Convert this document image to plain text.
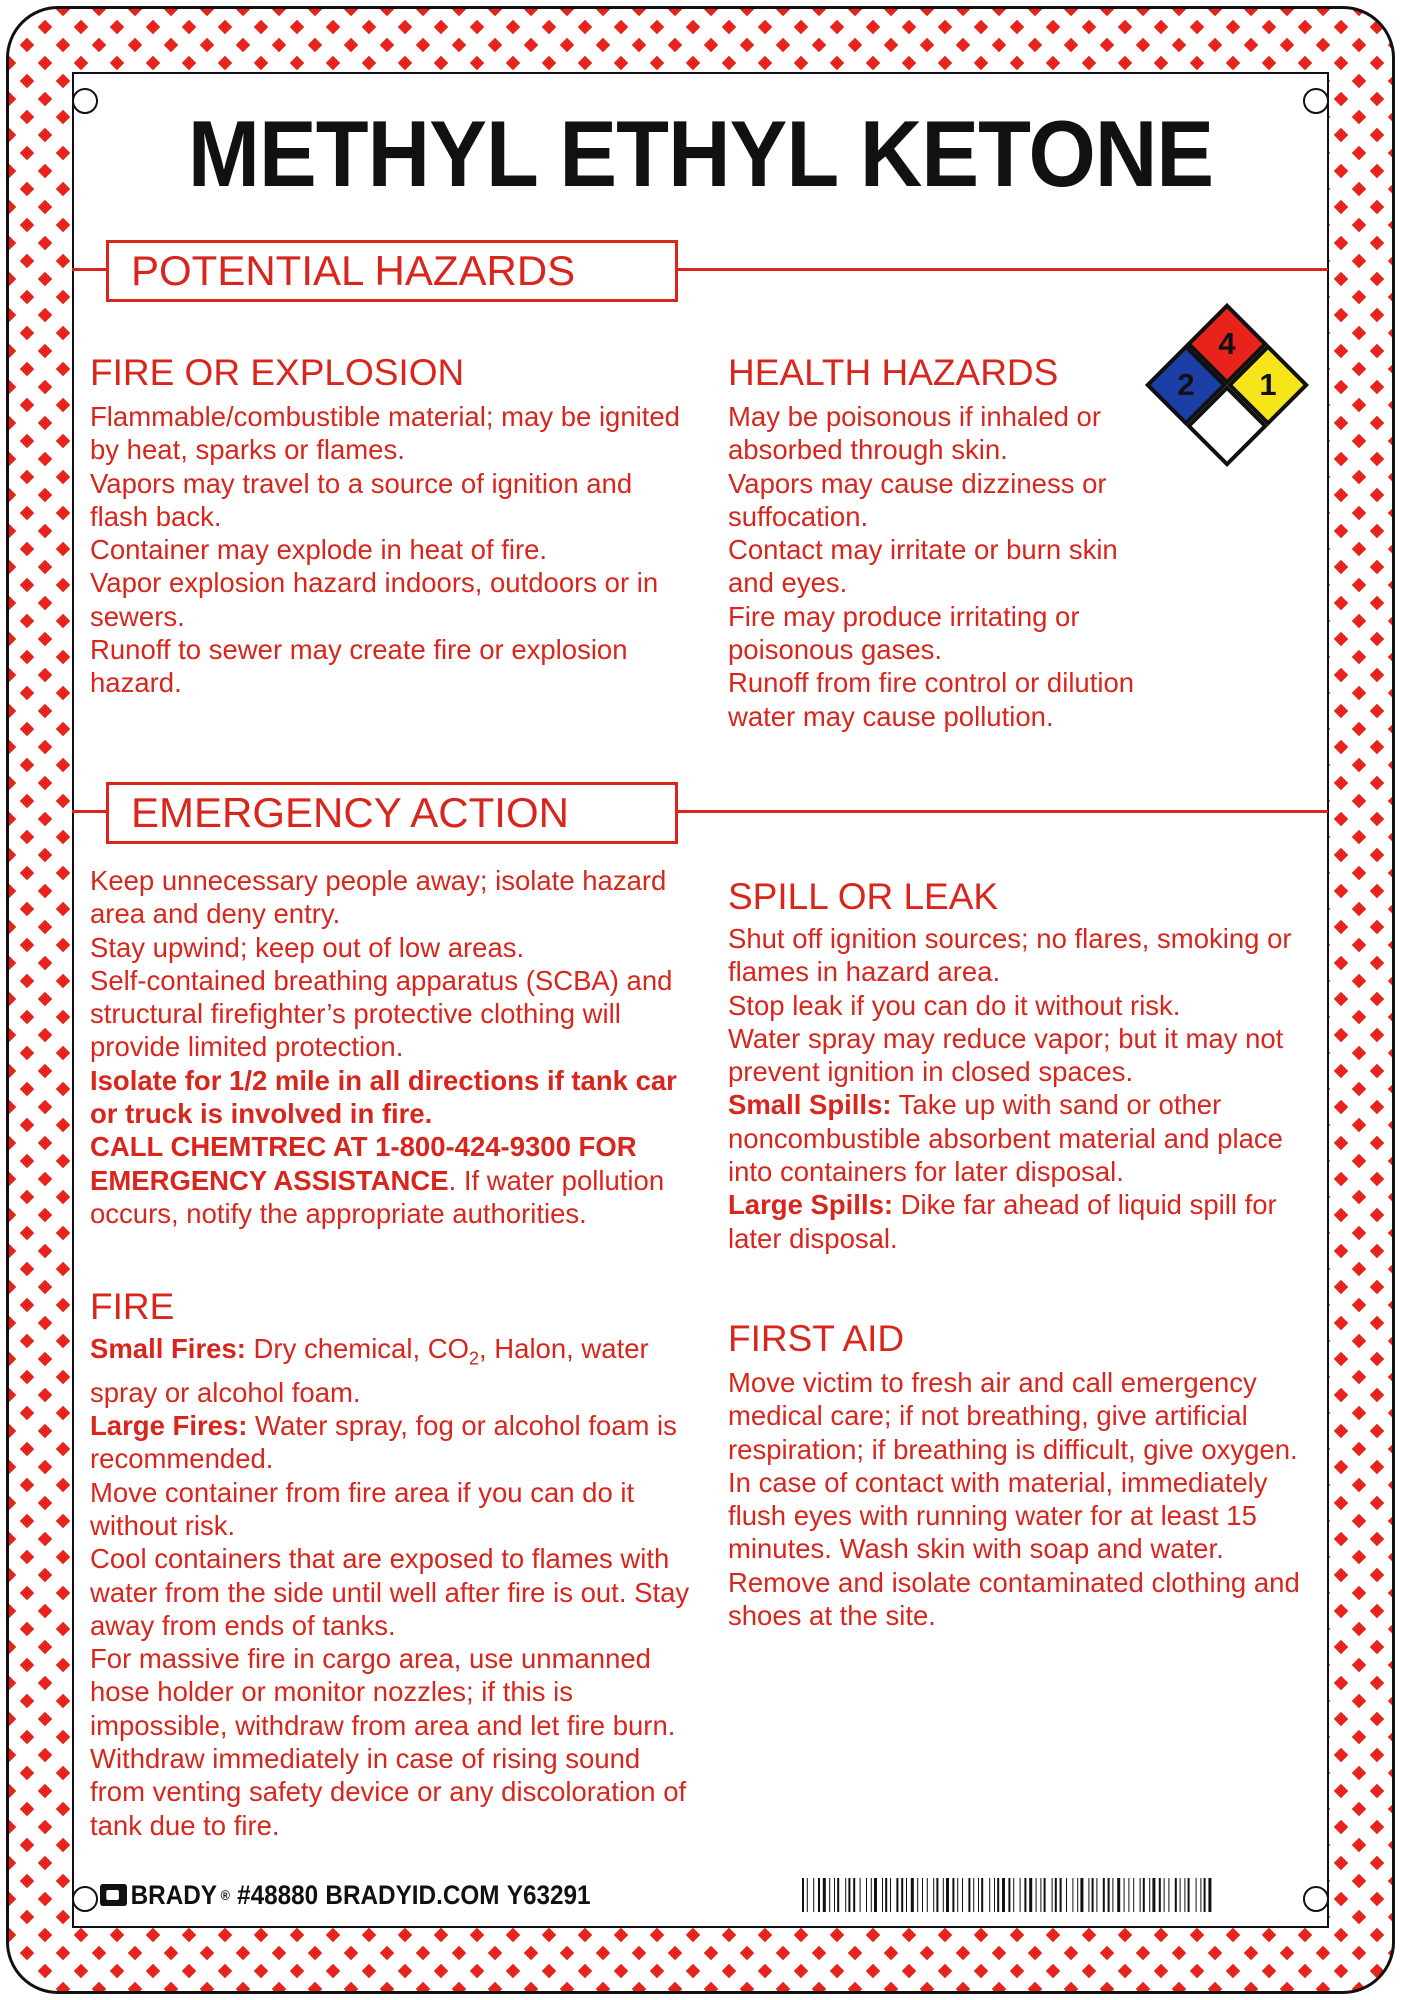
METHYL ETHYL KETONE
POTENTIAL HAZARDS
FIRE OR EXPLOSION

Flammable/combustible material; may be ignited by heat, sparks or flames.

Vapors may travel to a source of ignition and flash back.

Container may explode in heat of fire.

Vapor explosion hazard indoors, outdoors or in sewers.

Runoff to sewer may create fire or explosion hazard.

HEALTH HAZARDS

May be poisonous if inhaled or absorbed through skin.

Vapors may cause dizziness or suffocation.

Contact may irritate or burn skin and eyes.

Fire may produce irritating or poisonous gases.

Runoff from fire control or dilution water may cause pollution.

4
2	1
EMERGENCY ACTION

Keep unnecessary people away; isolate hazard area and deny entry.

Stay upwind; keep out of low areas.

Self-contained breathing apparatus (SCBA) and structural firefighter’s protective clothing will provide limited protection.

Isolate for 1/2 mile in all directions if tank car or truck is involved in fire.

CALL CHEMTREC AT 1-800-424-9300 FOR EMERGENCY ASSISTANCE. If water pollution occurs, notify the appropriate authorities.

SPILL OR LEAK

Shut off ignition sources; no flares, smoking or flames in hazard area.

Stop leak if you can do it without risk.

Water spray may reduce vapor; but it may not prevent ignition in closed spaces.

Small Spills: Take up with sand or other noncombustible absorbent material and place into containers for later disposal.

Large Spills: Dike far ahead of liquid spill for later disposal.

FIRE

Small Fires: Dry chemical, $CO_2$, Halon, water spray or alcohol foam.

Large Fires: Water spray, fog or alcohol foam is recommended.

Move container from fire area if you can do it without risk.

Cool containers that are exposed to flames with water from the side until well after fire is out. Stay away from ends of tanks.

For massive fire in cargo area, use unmanned hose holder or monitor nozzles; if this is impossible, withdraw from area and let fire burn.

Withdraw immediately in case of rising sound from venting safety device or any discoloration of tank due to fire.

FIRST AID

Move victim to fresh air and call emergency medical care; if not breathing, give artificial respiration; if breathing is difficult, give oxygen. In case of contact with material, immediately flush eyes with running water for at least 15 minutes. Wash skin with soap and water. Remove and isolate contaminated clothing and shoes at the site.

BRADY ® #48880 BRADYID.COM Y63291
